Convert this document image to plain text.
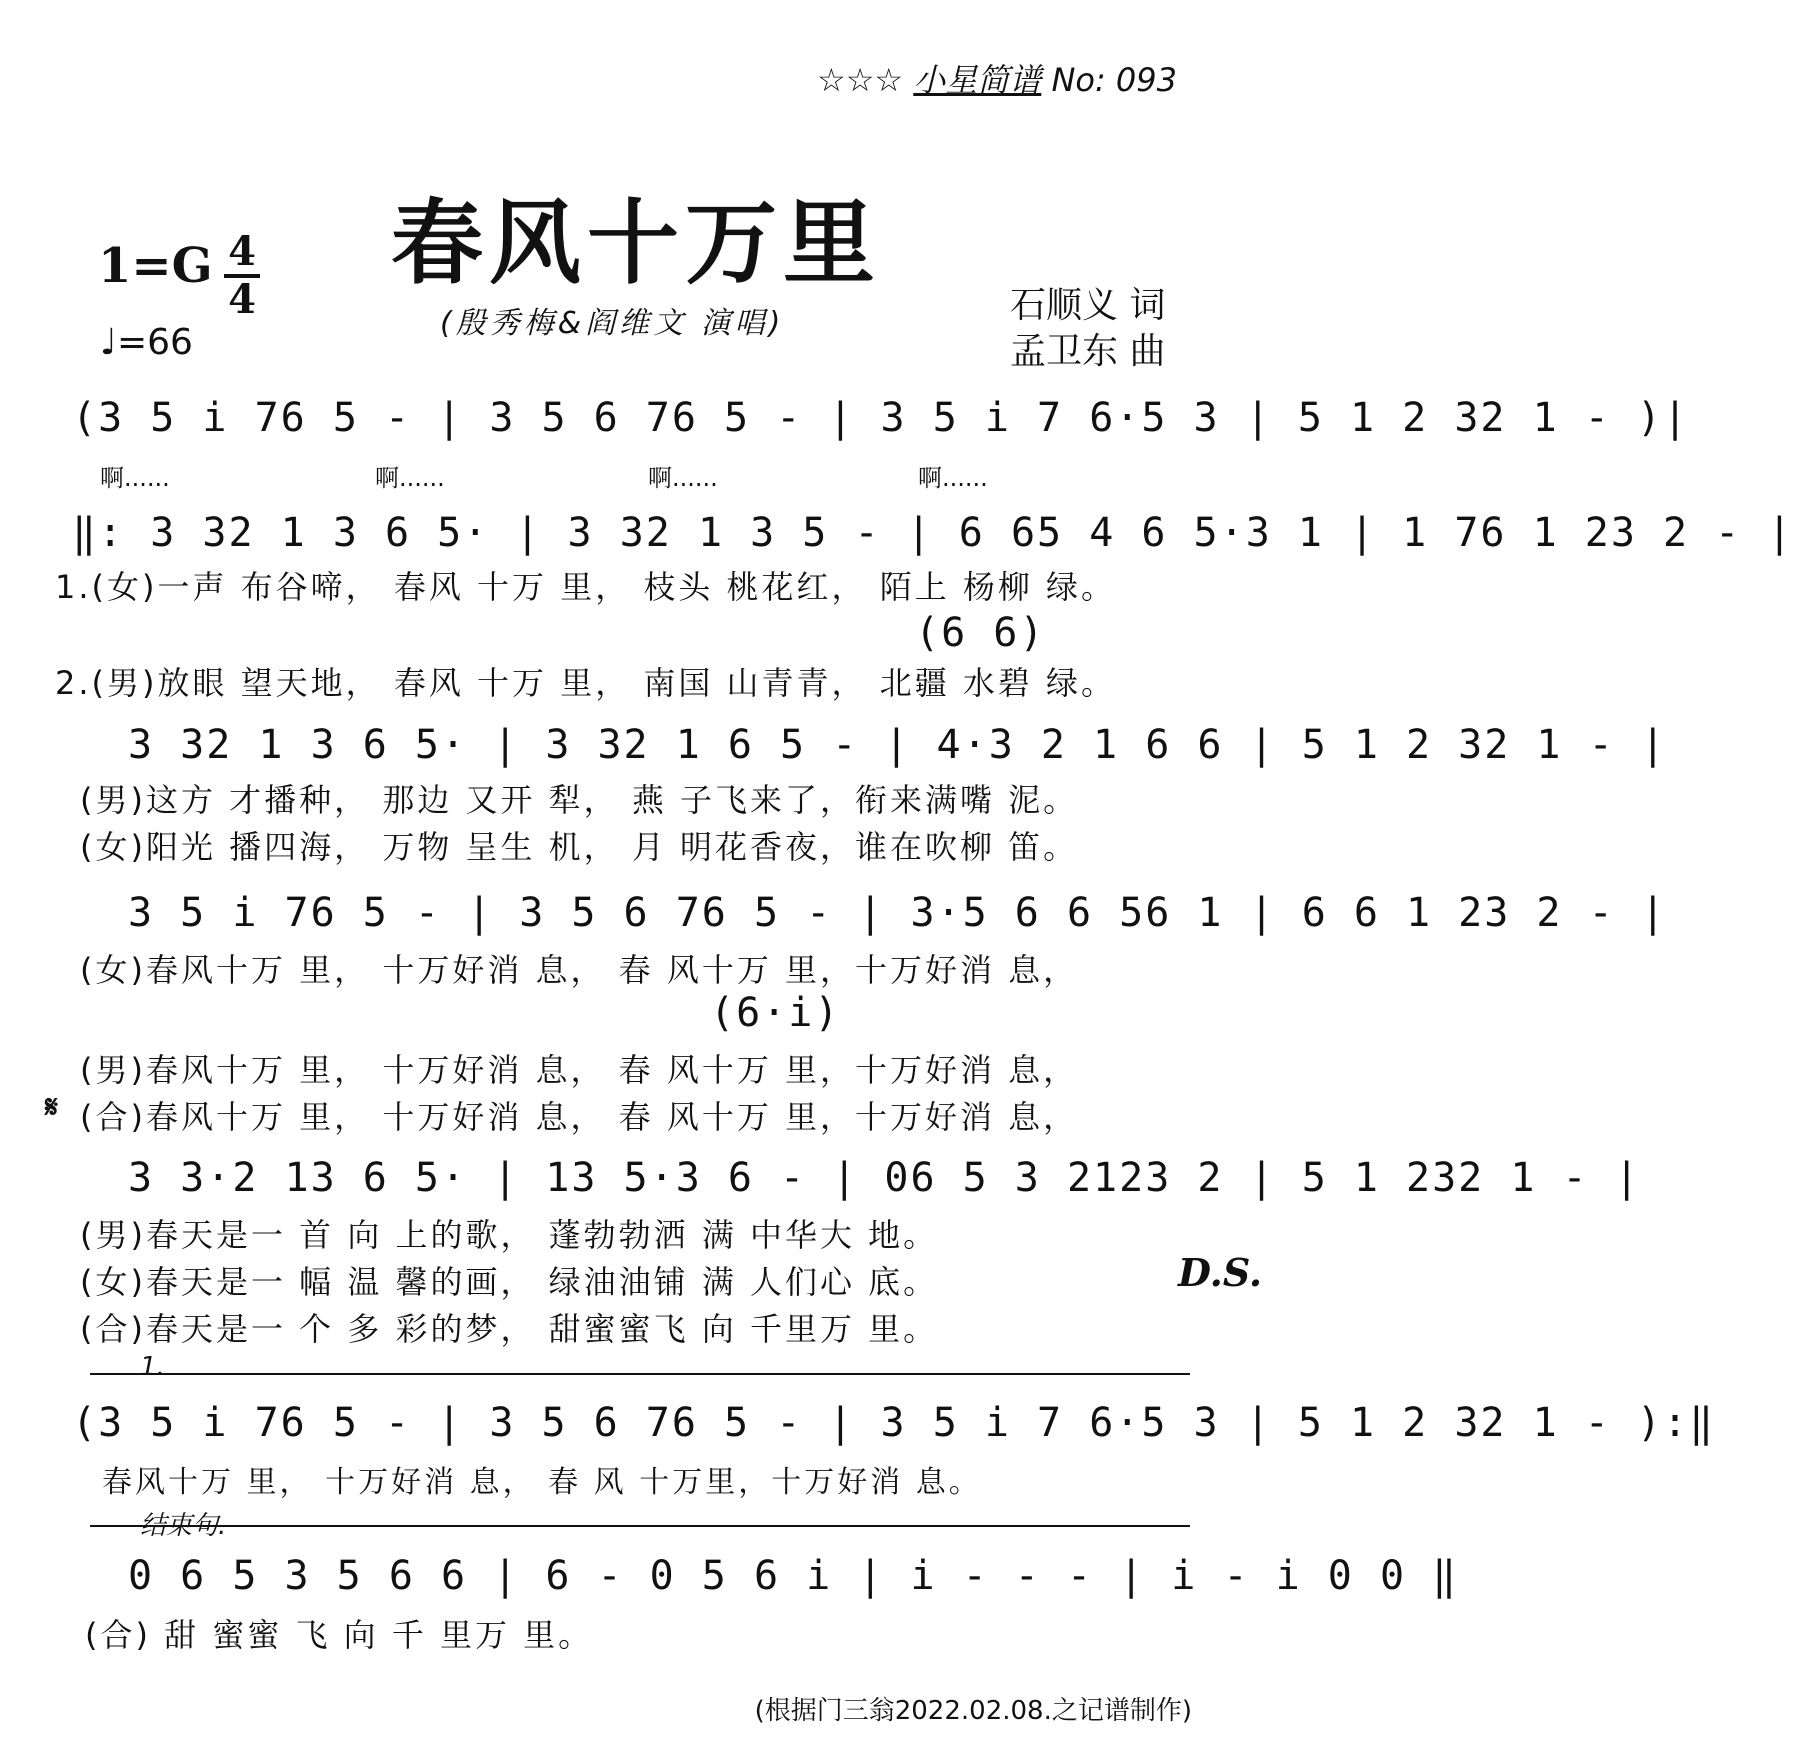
☆☆☆ 小星简谱 No: 093
春风十万里
1=G 4
4
♩=66	(殷秀梅&阎维文 演唱)	石顺义 词
孟卫东 曲
(3 5 i 76 5 - | 3 5 6 76 5 - | 3 5 i 7 6·5 3 | 5 1 2 32 1 - )|
啊......	啊......	啊......	啊......
‖: 3 32 1 3 6 5· | 3 32 1 3 5 - | 6 65 4 6 5·3 1 | 1 76 1 23 2 - |
1.(女)一声 布谷啼， 春风 十万 里， 枝头 桃花红， 陌上 杨柳 绿。
(6 6)
2.(男)放眼 望天地， 春风 十万 里， 南国 山青青， 北疆 水碧 绿。
3 32 1 3 6 5· | 3 32 1 6 5 - | 4·3 2 1 6 6 | 5 1 2 32 1 - |
(男)这方 才播种， 那边 又开 犁， 燕 子飞来了，衔来满嘴 泥。
(女)阳光 播四海， 万物 呈生 机， 月 明花香夜，谁在吹柳 笛。
3 5 i 76 5 - | 3 5 6 76 5 - | 3·5 6 6 56 1 | 6 6 1 23 2 - |
(女)春风十万 里， 十万好消 息， 春 风十万 里，十万好消 息，
(6·i)
(男)春风十万 里， 十万好消 息， 春 风十万 里，十万好消 息，
𝄋 (合)春风十万 里， 十万好消 息， 春 风十万 里，十万好消 息，
3 3·2 13 6 5· | 13 5·3 6 - | 06 5 3 2123 2 | 5 1 232 1 - |
(男)春天是一 首 向 上的歌， 蓬勃勃洒 满 中华大 地。
(女)春天是一 幅 温 馨的画， 绿油油铺 满 人们心 底。	D.S.
(合)春天是一 个 多 彩的梦， 甜蜜蜜飞 向 千里万 里。
1.
(3 5 i 76 5 - | 3 5 6 76 5 - | 3 5 i 7 6·5 3 | 5 1 2 32 1 - ):‖
春风十万 里， 十万好消 息， 春 风 十万里，十万好消 息。
结束句.
0 6 5 3 5 6 6 | 6 - 0 5 6 i | i - - - | i - i 0 0 ‖
(合) 甜 蜜蜜 飞 向 千 里万 里。
(根据门三翁2022.02.08.之记谱制作)
